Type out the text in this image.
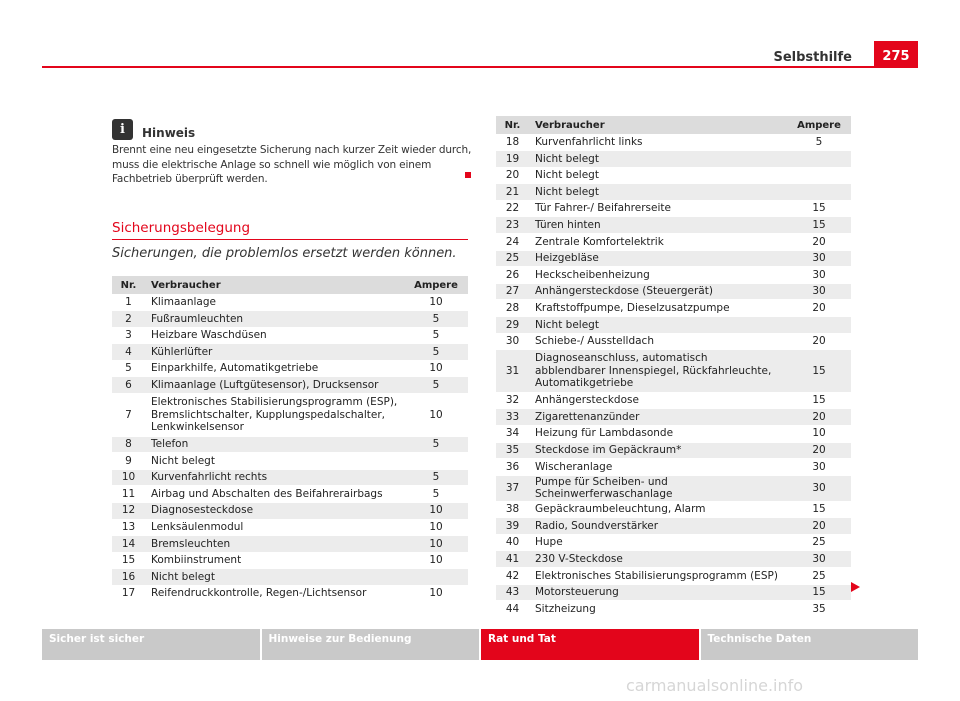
Selbsthilfe	275
i	Hinweis
Brennt eine neu eingesetzte Sicherung nach kurzer Zeit wieder durch, muss die elektrische Anlage so schnell wie möglich von einem Fachbetrieb überprüft werden.
Sicherungsbelegung
Sicherungen, die problemlos ersetzt werden können.
Nr.	Verbraucher	Ampere
1	Klimaanlage	10
2	Fußraumleuchten	5
3	Heizbare Waschdüsen	5
4	Kühlerlüfter	5
5	Einparkhilfe, Automatikgetriebe	10
6	Klimaanlage (Luftgütesensor), Drucksensor	5
7	Elektronisches Stabilisierungsprogramm (ESP), Bremslichtschalter, Kupplungspedalschalter, Lenkwinkelsensor	10
8	Telefon	5
9	Nicht belegt	
10	Kurvenfahrlicht rechts	5
11	Airbag und Abschalten des Beifahrerairbags	5
12	Diagnosesteckdose	10
13	Lenksäulenmodul	10
14	Bremsleuchten	10
15	Kombiinstrument	10
16	Nicht belegt	
17	Reifendruckkontrolle, Regen-/Lichtsensor	10
Nr.	Verbraucher	Ampere
18	Kurvenfahrlicht links	5
19	Nicht belegt	
20	Nicht belegt	
21	Nicht belegt	
22	Tür Fahrer-/ Beifahrerseite	15
23	Türen hinten	15
24	Zentrale Komfortelektrik	20
25	Heizgebläse	30
26	Heckscheibenheizung	30
27	Anhängersteckdose (Steuergerät)	30
28	Kraftstoffpumpe, Dieselzusatzpumpe	20
29	Nicht belegt	
30	Schiebe-/ Ausstelldach	20
31	Diagnoseanschluss, automatisch abblendbarer Innenspiegel, Rückfahrleuchte, Automatikgetriebe	15
32	Anhängersteckdose	15
33	Zigarettenanzünder	20
34	Heizung für Lambdasonde	10
35	Steckdose im Gepäckraum*	20
36	Wischeranlage	30
37	Pumpe für Scheiben- und Scheinwerferwaschanlage	30
38	Gepäckraumbeleuchtung, Alarm	15
39	Radio, Soundverstärker	20
40	Hupe	25
41	230 V-Steckdose	30
42	Elektronisches Stabilisierungsprogramm (ESP)	25
43	Motorsteuerung	15
44	Sitzheizung	35
Sicher ist sicher	Hinweise zur Bedienung	Rat und Tat	Technische Daten
carmanualsonline.info
